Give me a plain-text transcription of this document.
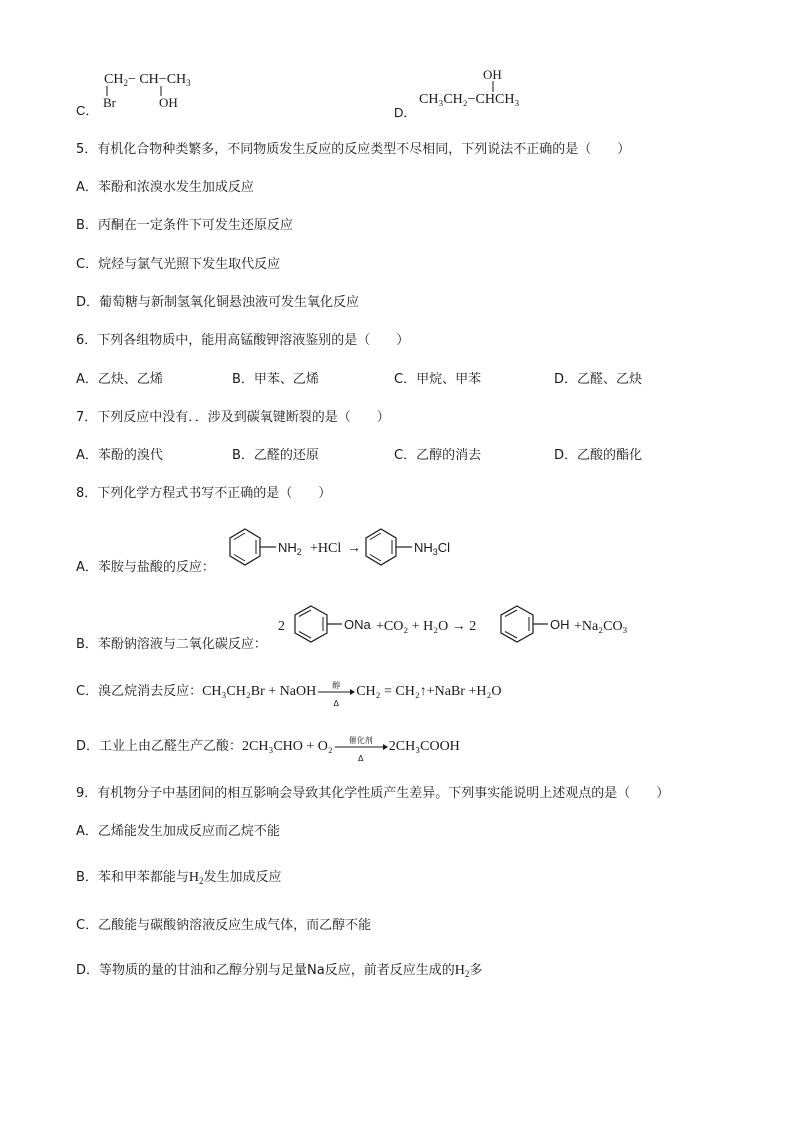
C．
$CH_2- CH-CH_3$
Br	OH
D．
OH
CH₃CH₂−CHCH₃
5．有机化合物种类繁多，不同物质发生反应的反应类型不尽相同，下列说法不正确的是（　　）
A．苯酚和浓溴水发生加成反应
B．丙酮在一定条件下可发生还原反应
C．烷烃与氯气光照下发生取代反应
D．葡萄糖与新制氢氧化铜悬浊液可发生氧化反应
6．下列各组物质中，能用高锰酸钾溶液鉴别的是（　　）
A．乙炔、乙烯	B．甲苯、乙烯	C．甲烷、甲苯	D．乙醛、乙炔
7．下列反应中没有．．涉及到碳氧键断裂的是（　　）
A．苯酚的溴代	B．乙醛的还原	C．乙醇的消去	D．乙酸的酯化
8．下列化学方程式书写不正确的是（　　）
A．苯胺与盐酸的反应：
$NH_2 +HCl$ →	$NH_3Cl$
B．苯酚钠溶液与二氧化碳反应：
2	ONa +CO₂ + H₂O → 2	OH +Na₂CO₃
C．溴乙烷消去反应：CH₃CH₂Br + NaOH	醇
Δ
CH₂ = CH₂↑+NaBr +H₂O
D．工业上由乙醛生产乙酸：2CH₃CHO + O₂	催化剂
Δ
2CH₃COOH
9．有机物分子中基团间的相互影响会导致其化学性质产生差异。下列事实能说明上述观点的是（　　）
A．乙烯能发生加成反应而乙烷不能
B．苯和甲苯都能与$H_2$发生加成反应
C．乙酸能与碳酸钠溶液反应生成气体，而乙醇不能
D．等物质的量的甘油和乙醇分别与足量Na反应，前者反应生成的$H_2$多
